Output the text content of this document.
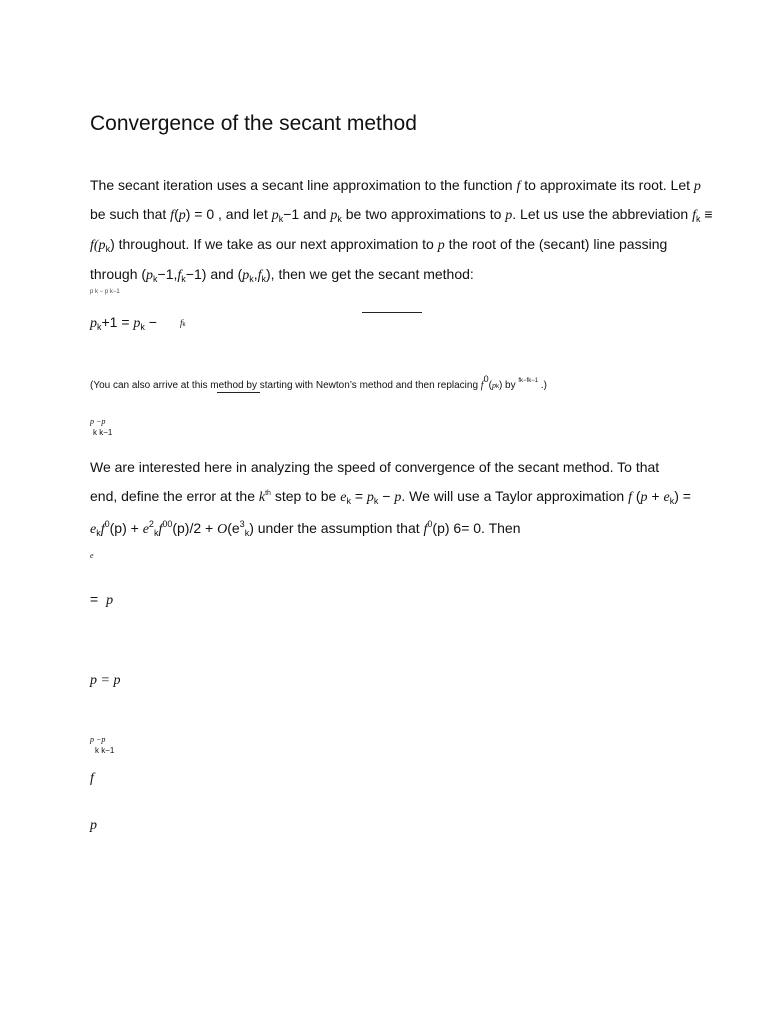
Convergence of the secant method
The secant iteration uses a secant line approximation to the function f to approximate its root. Let p
be such that f(p) = 0 , and let $p_k-1$ and $p_k$ be two approximations to p. Let us use the abbreviation $f_k$ ≡
$f(p_k)$ throughout. If we take as our next approximation to p the root of the (secant) line passing
through $(p_k-1,f_k-1)$ and $(p_k,f_k)$, then we get the secant method:
p k − p k−1
$p_k+1 = p_k$ −	fk
(You can also arrive at this method by starting with Newton’s method and then replacing f0(pk) by $^{fk-fk-1}$ .)
p −p
k k−1
We are interested here in analyzing the speed of convergence of the secant method. To that
end, define the error at the $k^{th}$ step to be $e_k = p_k - p$. We will use a Taylor approximation f $(p + e_k)$ =
$e_kf^0(p) + e^2_kf^{00}(p)/2 + O(e^3_k)$ under the assumption that $f^0(p)$ 6= 0. Then
e
= p
p = p
p −p
k k−1
f
p
